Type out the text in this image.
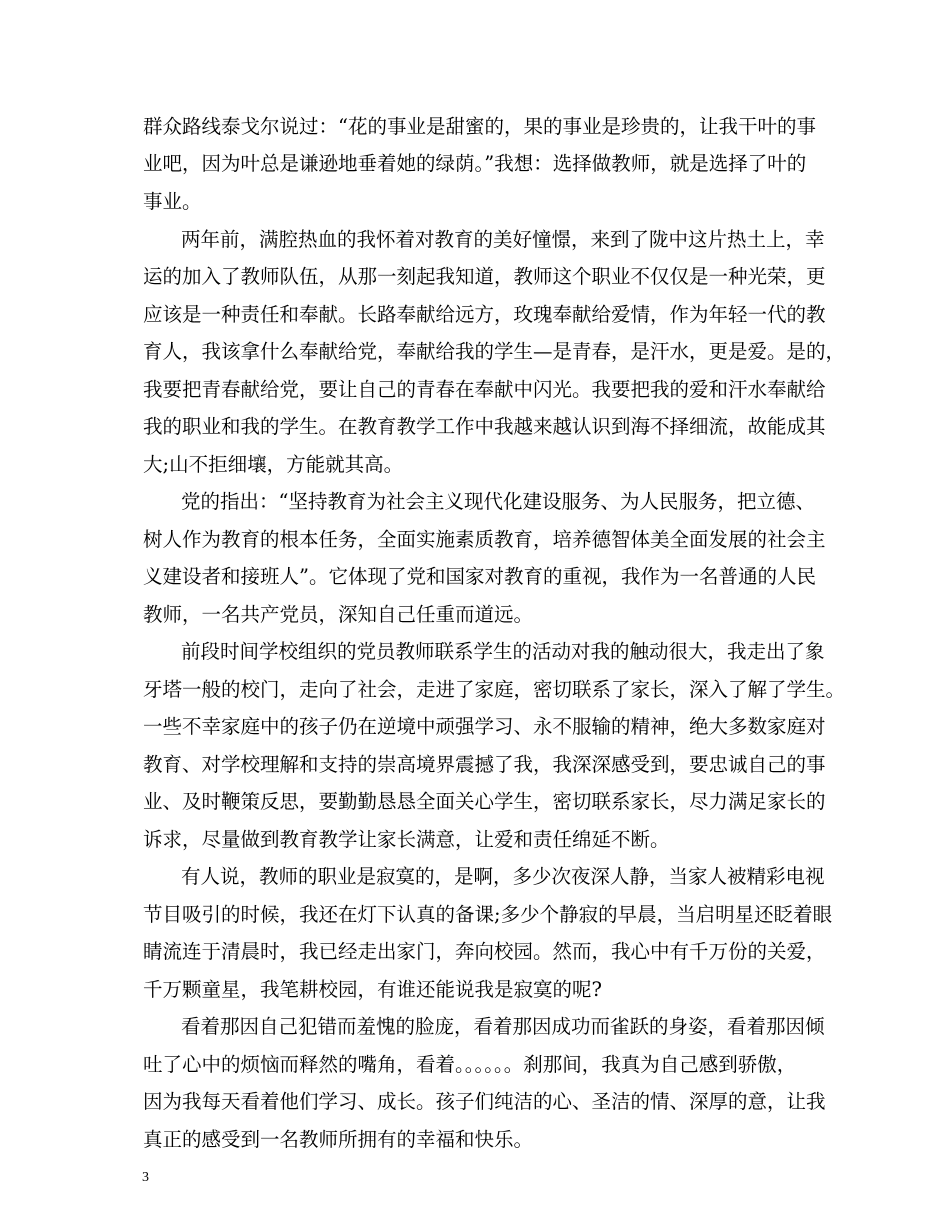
群众路线泰戈尔说过：“花的事业是甜蜜的，果的事业是珍贵的，让我干叶的事
业吧，因为叶总是谦逊地垂着她的绿荫。”我想：选择做教师，就是选择了叶的
事业。
两年前，满腔热血的我怀着对教育的美好憧憬，来到了陇中这片热土上，幸
运的加入了教师队伍，从那一刻起我知道，教师这个职业不仅仅是一种光荣，更
应该是一种责任和奉献。长路奉献给远方，玫瑰奉献给爱情，作为年轻一代的教
育人，我该拿什么奉献给党，奉献给我的学生—是青春，是汗水，更是爱。是的，
我要把青春献给党，要让自己的青春在奉献中闪光。我要把我的爱和汗水奉献给
我的职业和我的学生。在教育教学工作中我越来越认识到海不择细流，故能成其
大;山不拒细壤，方能就其高。
党的指出：“坚持教育为社会主义现代化建设服务、为人民服务，把立德、
树人作为教育的根本任务，全面实施素质教育，培养德智体美全面发展的社会主
义建设者和接班人”。它体现了党和国家对教育的重视，我作为一名普通的人民
教师，一名共产党员，深知自己任重而道远。
前段时间学校组织的党员教师联系学生的活动对我的触动很大，我走出了象
牙塔一般的校门，走向了社会，走进了家庭，密切联系了家长，深入了解了学生。
一些不幸家庭中的孩子仍在逆境中顽强学习、永不服输的精神，绝大多数家庭对
教育、对学校理解和支持的崇高境界震撼了我，我深深感受到，要忠诚自己的事
业、及时鞭策反思，要勤勤恳恳全面关心学生，密切联系家长，尽力满足家长的
诉求，尽量做到教育教学让家长满意，让爱和责任绵延不断。
有人说，教师的职业是寂寞的，是啊，多少次夜深人静，当家人被精彩电视
节目吸引的时候，我还在灯下认真的备课;多少个静寂的早晨，当启明星还眨着眼
睛流连于清晨时，我已经走出家门，奔向校园。然而，我心中有千万份的关爱，
千万颗童星，我笔耕校园，有谁还能说我是寂寞的呢?
看着那因自己犯错而羞愧的脸庞，看着那因成功而雀跃的身姿，看着那因倾
吐了心中的烦恼而释然的嘴角，看着。。。。。。刹那间，我真为自己感到骄傲，
因为我每天看着他们学习、成长。孩子们纯洁的心、圣洁的情、深厚的意，让我
真正的感受到一名教师所拥有的幸福和快乐。
3
